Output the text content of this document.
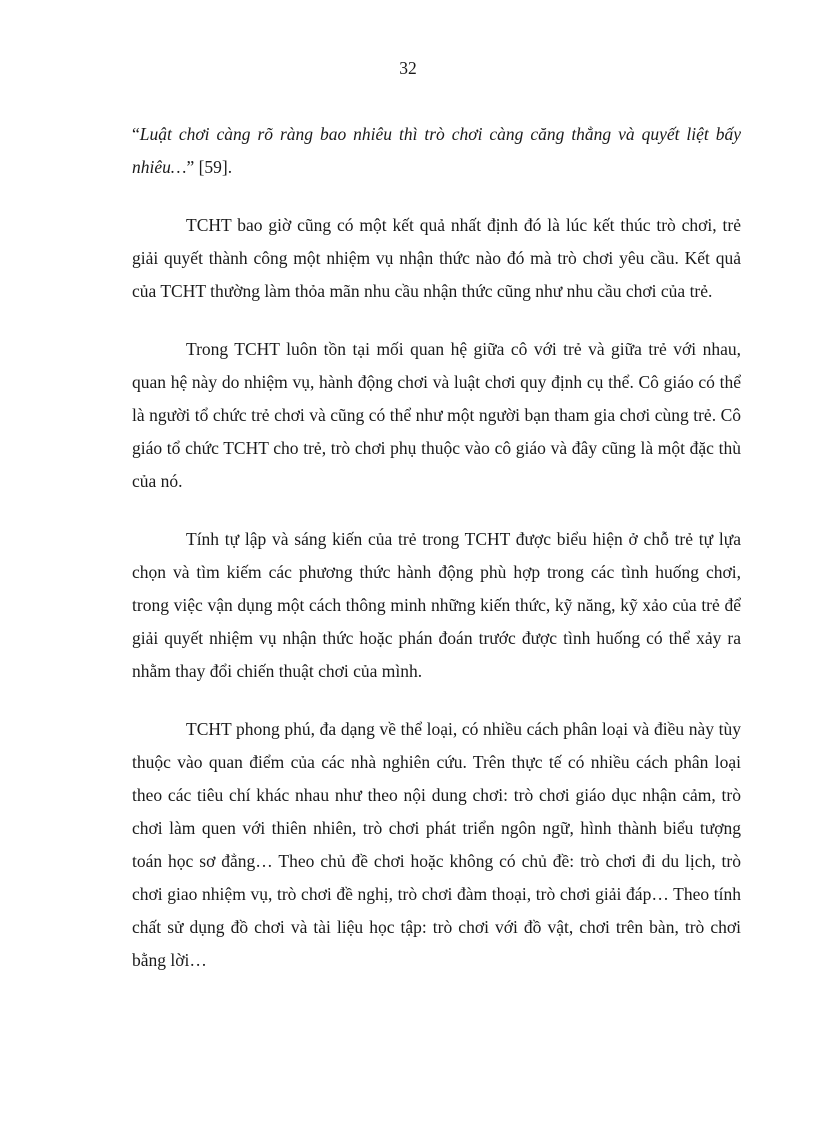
32

“Luật chơi càng rõ ràng bao nhiêu thì trò chơi càng căng thẳng và quyết liệt bấy nhiêu…” [59].

TCHT bao giờ cũng có một kết quả nhất định đó là lúc kết thúc trò chơi, trẻ giải quyết thành công một nhiệm vụ nhận thức nào đó mà trò chơi yêu cầu. Kết quả của TCHT thường làm thỏa mãn nhu cầu nhận thức cũng như nhu cầu chơi của trẻ.

Trong TCHT luôn tồn tại mối quan hệ giữa cô với trẻ và giữa trẻ với nhau, quan hệ này do nhiệm vụ, hành động chơi và luật chơi quy định cụ thể. Cô giáo có thể là người tổ chức trẻ chơi và cũng có thể như một người bạn tham gia chơi cùng trẻ. Cô giáo tổ chức TCHT cho trẻ, trò chơi phụ thuộc vào cô giáo và đây cũng là một đặc thù của nó.

Tính tự lập và sáng kiến của trẻ trong TCHT được biểu hiện ở chỗ trẻ tự lựa chọn và tìm kiếm các phương thức hành động phù hợp trong các tình huống chơi, trong việc vận dụng một cách thông minh những kiến thức, kỹ năng, kỹ xảo của trẻ để giải quyết nhiệm vụ nhận thức hoặc phán đoán trước được tình huống có thể xảy ra nhằm thay đổi chiến thuật chơi của mình.

TCHT phong phú, đa dạng về thể loại, có nhiều cách phân loại và điều này tùy thuộc vào quan điểm của các nhà nghiên cứu. Trên thực tế có nhiều cách phân loại theo các tiêu chí khác nhau như theo nội dung chơi: trò chơi giáo dục nhận cảm, trò chơi làm quen với thiên nhiên, trò chơi phát triển ngôn ngữ, hình thành biểu tượng toán học sơ đẳng… Theo chủ đề chơi hoặc không có chủ đề: trò chơi đi du lịch, trò chơi giao nhiệm vụ, trò chơi đề nghị, trò chơi đàm thoại, trò chơi giải đáp… Theo tính chất sử dụng đồ chơi và tài liệu học tập: trò chơi với đồ vật, chơi trên bàn, trò chơi bằng lời…
